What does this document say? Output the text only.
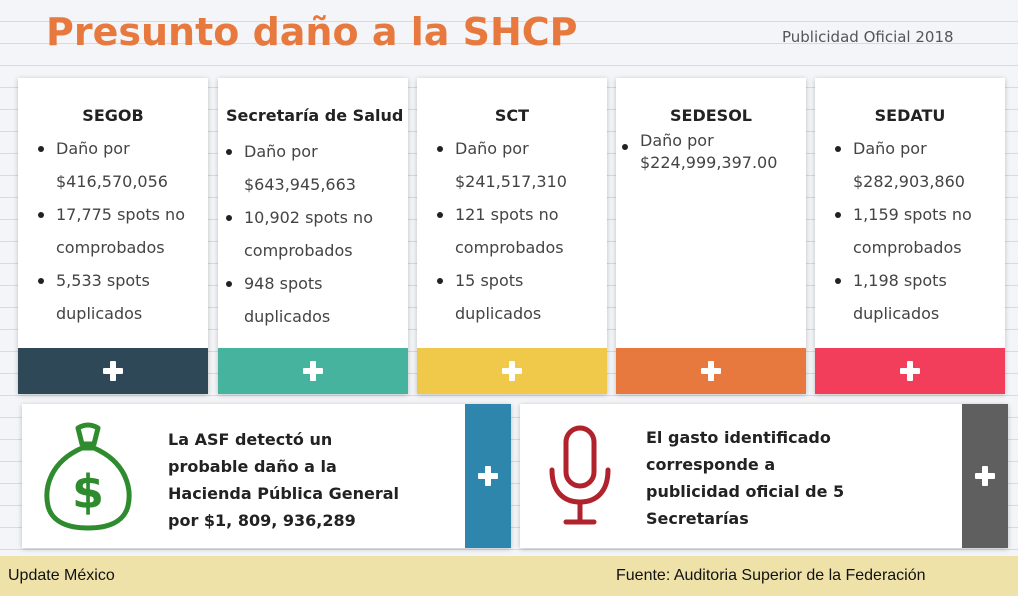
Presunto daño a la SHCP	Publicidad Oficial 2018
SEGOB
Daño por $416,570,056
17,775 spots no comprobados
5,533 spots duplicados
Secretaría de Salud
Daño por $643,945,663
10,902 spots no comprobados
948 spots duplicados
SCT
Daño por $241,517,310
121 spots no comprobados
15 spots duplicados
SEDESOL
Daño por $224,999,397.00
SEDATU
Daño por $282,903,860
1,159 spots no comprobados
1,198 spots duplicados
$
La ASF detectó un probable daño a la Hacienda Pública General por $1, 809, 936,289
El gasto identificado corresponde a publicidad oficial de 5 Secretarías
Update México	Fuente: Auditoria Superior de la Federación
